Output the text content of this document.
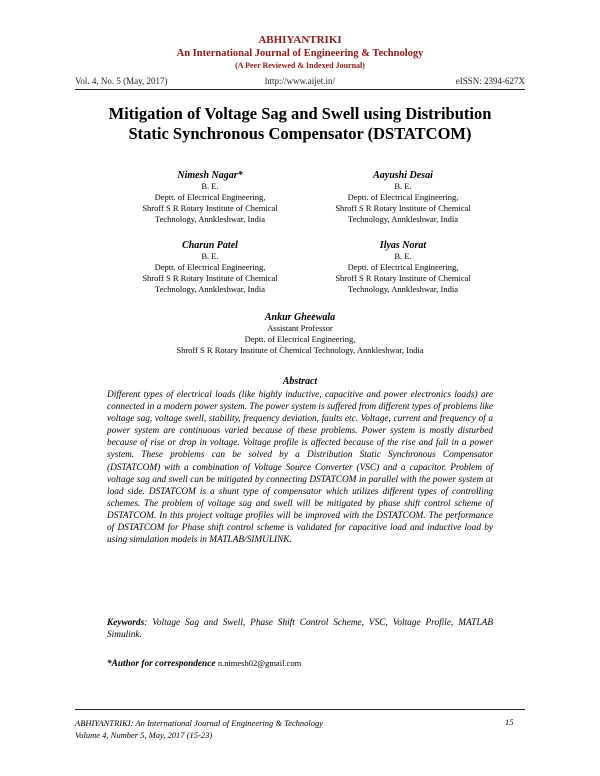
ABHIYANTRIKI
An International Journal of Engineering & Technology
(A Peer Reviewed & Indexed Journal)
Vol. 4, No. 5 (May, 2017)	http://www.aijet.in/	eISSN: 2394-627X
Mitigation of Voltage Sag and Swell using Distribution
Static Synchronous Compensator (DSTATCOM)
Nimesh Nagar*
B. E.
Deptt. of Electrical Engineering,
Shroff S R Rotary Institute of Chemical
Technology, Annkleshwar, India
Aayushi Desai
B. E.
Deptt. of Electrical Engineering,
Shroff S R Rotary Institute of Chemical
Technology, Annkleshwar, India
Charun Patel
B. E.
Deptt. of Electrical Engineering,
Shroff S R Rotary Institute of Chemical
Technology, Annkleshwar, India
Ilyas Norat
B. E.
Deptt. of Electrical Engineering,
Shroff S R Rotary Institute of Chemical
Technology, Annkleshwar, India
Ankur Gheewala
Assistant Professor
Deptt. of Electrical Engineering,
Shroff S R Rotary Institute of Chemical Technology, Annkleshwar, India
Abstract
Different types of electrical loads (like highly inductive, capacitive and power electronics loads) are connected in a modern power system. The power system is suffered from different types of problems like voltage sag, voltage swell, stability, frequency deviation, faults etc. Voltage, current and frequency of a power system are continuous varied because of these problems. Power system is mostly disturbed because of rise or drop in voltage. Voltage profile is affected because of the rise and fall in a power system. These problems can be solved by a Distribution Static Synchronous Compensator (DSTATCOM) with a combination of Voltage Source Converter (VSC) and a capacitor. Problem of voltage sag and swell can be mitigated by connecting DSTATCOM in parallel with the power system at load side. DSTATCOM is a shunt type of compensator which utilizes different types of controlling schemes. The problem of voltage sag and swell will be mitigated by phase shift control scheme of DSTATCOM. In this project voltage profiles will be improved with the DSTATCOM. The performance of DSTATCOM for Phase shift control scheme is validated for capacitive load and inductive load by using simulation models in MATLAB/SIMULINK.
Keywords: Voltage Sag and Swell, Phase Shift Control Scheme, VSC, Voltage Profile, MATLAB Simulink.
*Author for correspondence n.nimesh02@gmail.com
ABHIYANTRIKI: An International Journal of Engineering & Technology
Volume 4, Number 5, May, 2017 (15-23)
15
